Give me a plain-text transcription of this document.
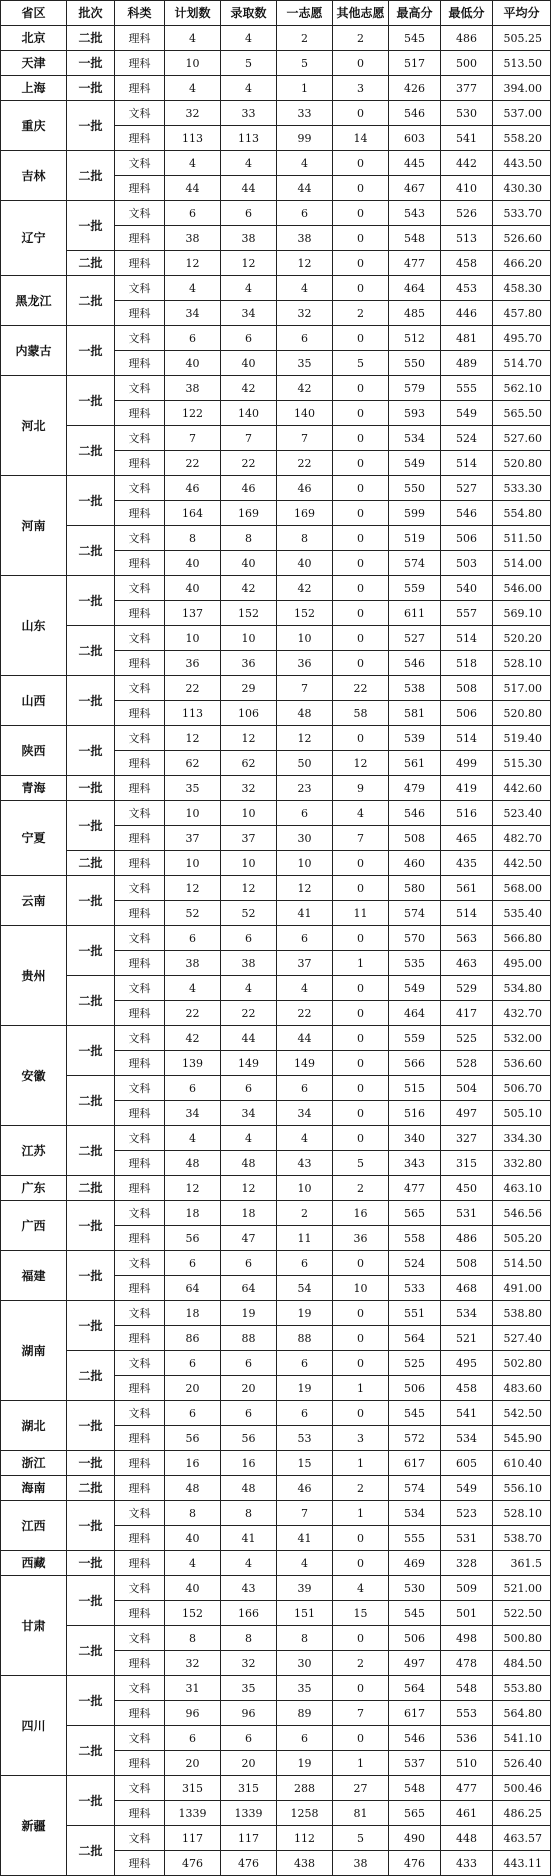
省区	批次	科类	计划数	录取数	一志愿	其他志愿	最高分	最低分	平均分
北京	二批	理科	4	4	2	2	545	486	505.25
天津	一批	理科	10	5	5	0	517	500	513.50
上海	一批	理科	4	4	1	3	426	377	394.00
重庆	一批	文科	32	33	33	0	546	530	537.00
		理科	113	113	99	14	603	541	558.20
吉林	二批	文科	4	4	4	0	445	442	443.50
		理科	44	44	44	0	467	410	430.30
辽宁	一批	文科	6	6	6	0	543	526	533.70
		理科	38	38	38	0	548	513	526.60
	二批	理科	12	12	12	0	477	458	466.20
黑龙江	二批	文科	4	4	4	0	464	453	458.30
		理科	34	34	32	2	485	446	457.80
内蒙古	一批	文科	6	6	6	0	512	481	495.70
		理科	40	40	35	5	550	489	514.70
河北	一批	文科	38	42	42	0	579	555	562.10
		理科	122	140	140	0	593	549	565.50
	二批	文科	7	7	7	0	534	524	527.60
		理科	22	22	22	0	549	514	520.80
河南	一批	文科	46	46	46	0	550	527	533.30
		理科	164	169	169	0	599	546	554.80
	二批	文科	8	8	8	0	519	506	511.50
		理科	40	40	40	0	574	503	514.00
山东	一批	文科	40	42	42	0	559	540	546.00
		理科	137	152	152	0	611	557	569.10
	二批	文科	10	10	10	0	527	514	520.20
		理科	36	36	36	0	546	518	528.10
山西	一批	文科	22	29	7	22	538	508	517.00
		理科	113	106	48	58	581	506	520.80
陕西	一批	文科	12	12	12	0	539	514	519.40
		理科	62	62	50	12	561	499	515.30
青海	一批	理科	35	32	23	9	479	419	442.60
宁夏	一批	文科	10	10	6	4	546	516	523.40
		理科	37	37	30	7	508	465	482.70
	二批	理科	10	10	10	0	460	435	442.50
云南	一批	文科	12	12	12	0	580	561	568.00
		理科	52	52	41	11	574	514	535.40
贵州	一批	文科	6	6	6	0	570	563	566.80
		理科	38	38	37	1	535	463	495.00
	二批	文科	4	4	4	0	549	529	534.80
		理科	22	22	22	0	464	417	432.70
安徽	一批	文科	42	44	44	0	559	525	532.00
		理科	139	149	149	0	566	528	536.60
	二批	文科	6	6	6	0	515	504	506.70
		理科	34	34	34	0	516	497	505.10
江苏	二批	文科	4	4	4	0	340	327	334.30
		理科	48	48	43	5	343	315	332.80
广东	二批	理科	12	12	10	2	477	450	463.10
广西	一批	文科	18	18	2	16	565	531	546.56
		理科	56	47	11	36	558	486	505.20
福建	一批	文科	6	6	6	0	524	508	514.50
		理科	64	64	54	10	533	468	491.00
湖南	一批	文科	18	19	19	0	551	534	538.80
		理科	86	88	88	0	564	521	527.40
	二批	文科	6	6	6	0	525	495	502.80
		理科	20	20	19	1	506	458	483.60
湖北	一批	文科	6	6	6	0	545	541	542.50
		理科	56	56	53	3	572	534	545.90
浙江	一批	理科	16	16	15	1	617	605	610.40
海南	二批	理科	48	48	46	2	574	549	556.10
江西	一批	文科	8	8	7	1	534	523	528.10
		理科	40	41	41	0	555	531	538.70
西藏	一批	理科	4	4	4	0	469	328	361.5
甘肃	一批	文科	40	43	39	4	530	509	521.00
		理科	152	166	151	15	545	501	522.50
	二批	文科	8	8	8	0	506	498	500.80
		理科	32	32	30	2	497	478	484.50
四川	一批	文科	31	35	35	0	564	548	553.80
		理科	96	96	89	7	617	553	564.80
	二批	文科	6	6	6	0	546	536	541.10
		理科	20	20	19	1	537	510	526.40
新疆	一批	文科	315	315	288	27	548	477	500.46
		理科	1339	1339	1258	81	565	461	486.25
	二批	文科	117	117	112	5	490	448	463.57
		理科	476	476	438	38	476	433	443.11
